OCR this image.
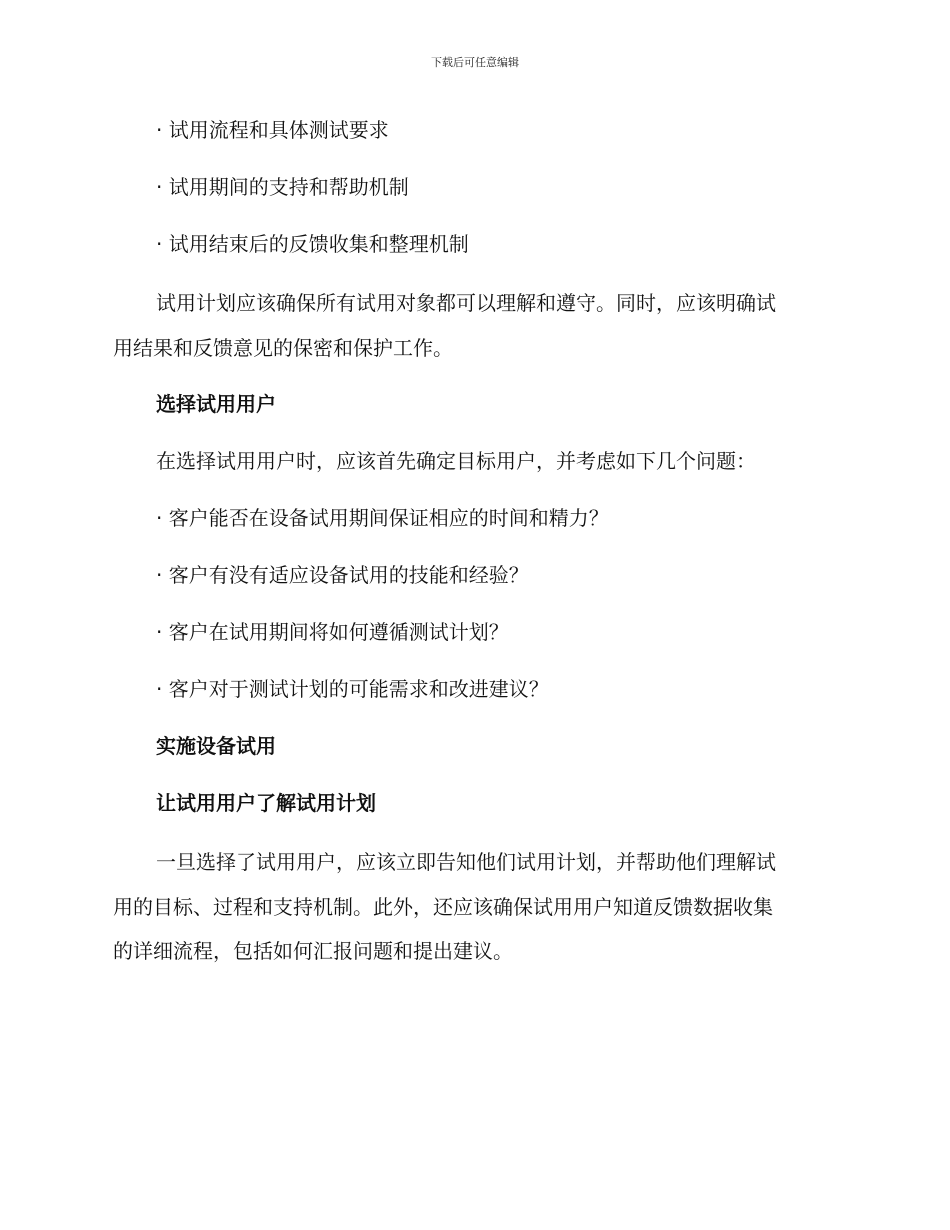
下载后可任意编辑
· 试用流程和具体测试要求
· 试用期间的支持和帮助机制
· 试用结束后的反馈收集和整理机制
试用计划应该确保所有试用对象都可以理解和遵守。同时，应该明确试
用结果和反馈意见的保密和保护工作。
选择试用用户
在选择试用用户时，应该首先确定目标用户，并考虑如下几个问题：
· 客户能否在设备试用期间保证相应的时间和精力？
· 客户有没有适应设备试用的技能和经验？
· 客户在试用期间将如何遵循测试计划？
· 客户对于测试计划的可能需求和改进建议？
实施设备试用
让试用用户了解试用计划
一旦选择了试用用户，应该立即告知他们试用计划，并帮助他们理解试
用的目标、过程和支持机制。此外，还应该确保试用用户知道反馈数据收集
的详细流程，包括如何汇报问题和提出建议。
